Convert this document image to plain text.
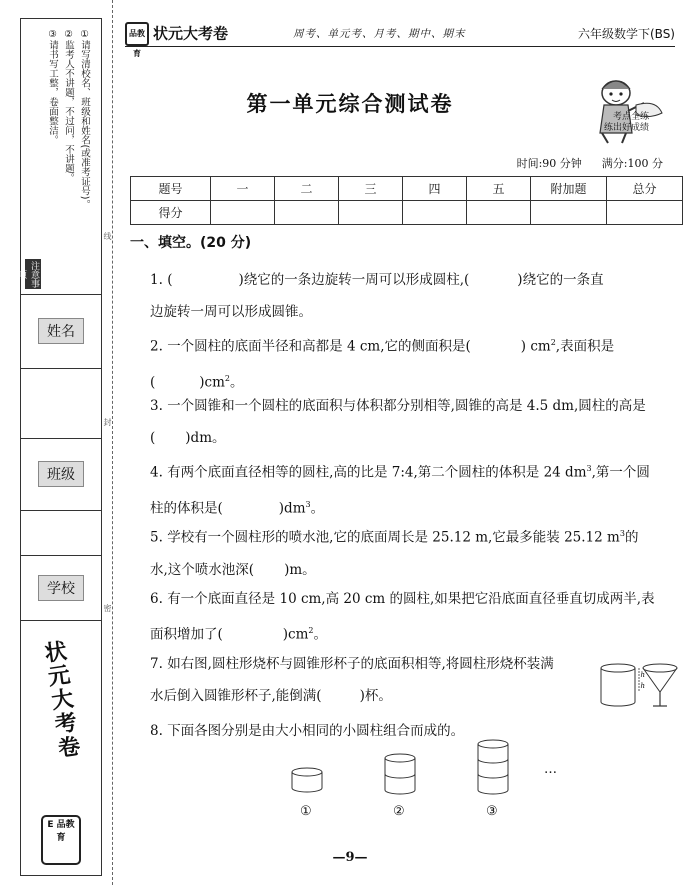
①请写清校名、班级和姓名(或准考证号)。
②监考人不讲题，不过问，不讲题。
③请书写工整，卷面整洁。
注意事项
姓名
班级
学校
状元大考卷
E 品教育
线
封
密
品教育状元大考卷	周考、单元考、月考、期中、期末	六年级数学下(BS)
第一单元综合测试卷
考点全练
练出好成绩
时间:90 分钟 满分:100 分
题号	一	二	三	四	五	附加题	总分
得分							
一、填空。(20 分)
1. (	)绕它的一条边旋转一周可以形成圆柱,(	)绕它的一条直
边旋转一周可以形成圆锥。
2. 一个圆柱的底面半径和高都是 4 cm,它的侧面积是(	) $cm^2$,表面积是
(	)$cm^2$。
3. 一个圆锥和一个圆柱的底面积与体积都分别相等,圆锥的高是 4.5 dm,圆柱的高是
( )dm。
4. 有两个底面直径相等的圆柱,高的比是 7:4,第二个圆柱的体积是 24 $dm^3$,第一个圆
柱的体积是(	)$dm^3$。
5. 学校有一个圆柱形的喷水池,它的底面周长是 25.12 m,它最多能装 25.12 $m^3$的
水,这个喷水池深( )m。
6. 有一个底面直径是 10 cm,高 20 cm 的圆柱,如果把它沿底面直径垂直切成两半,表
面积增加了(	)$cm^2$。
7. 如右图,圆柱形烧杯与圆锥形杯子的底面积相等,将圆柱形烧杯装满
水后倒入圆锥形杯子,能倒满(	)杯。
h
h
8. 下面各图分别是由大小相同的小圆柱组合而成的。
…
①	②	③
—9—
